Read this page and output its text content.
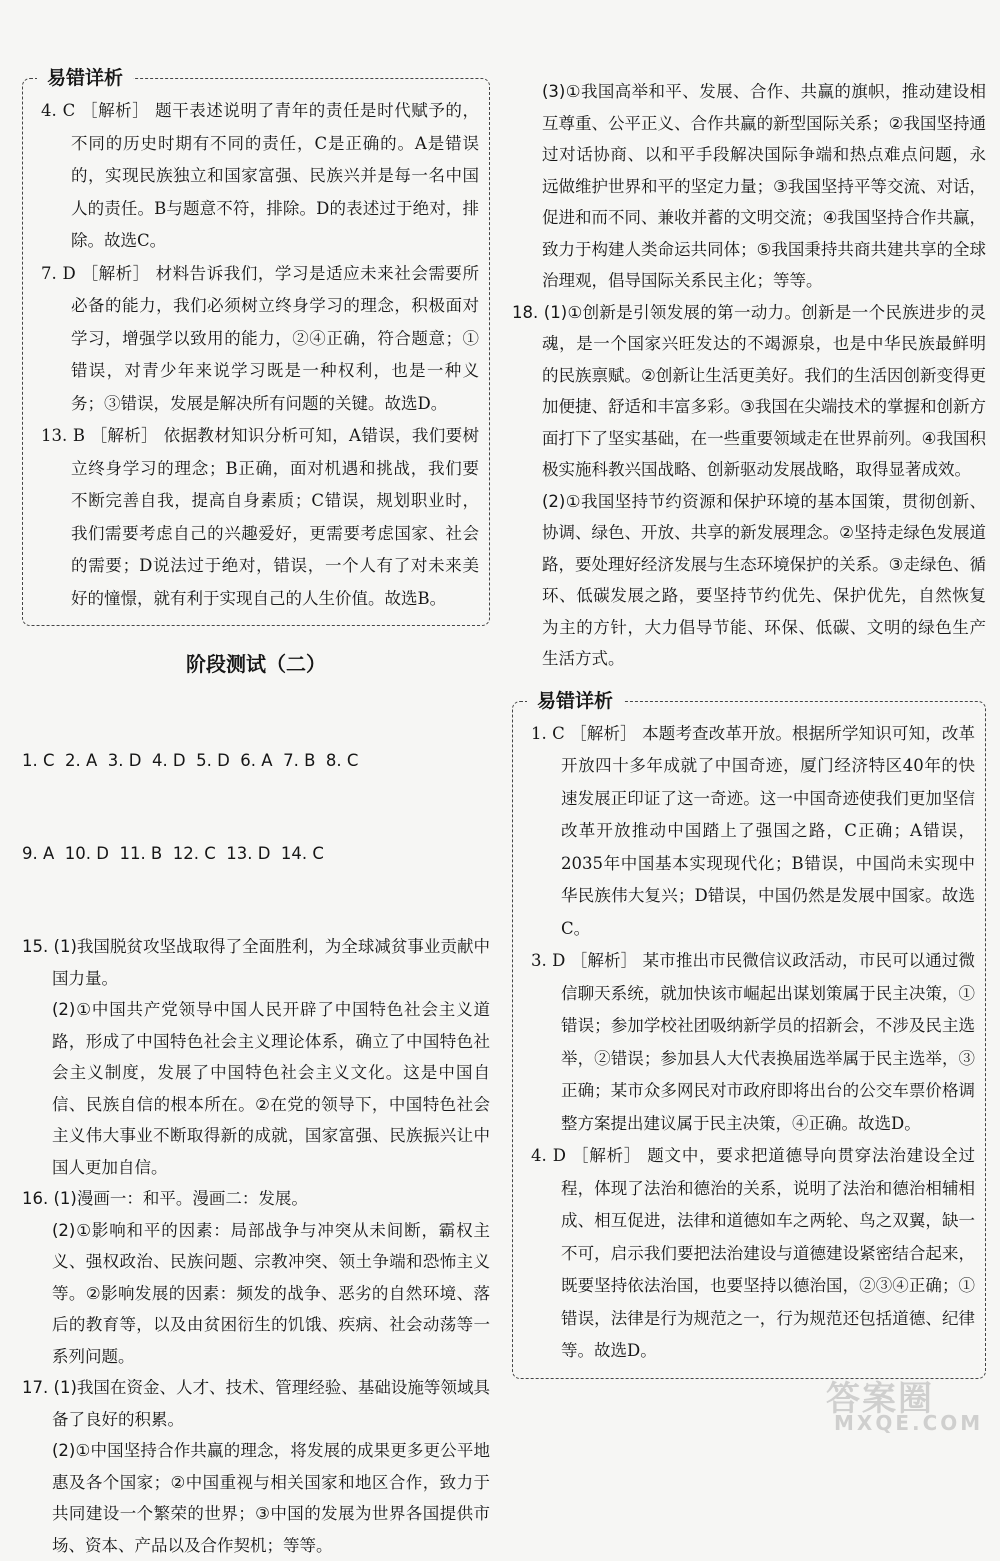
易错详析

4. C ［解析］ 题干表述说明了青年的责任是时代赋予的，不同的历史时期有不同的责任，C是正确的。A是错误的，实现民族独立和国家富强、民族兴并是每一名中国人的责任。B与题意不符，排除。D的表述过于绝对，排除。故选C。

7. D ［解析］ 材料告诉我们，学习是适应未来社会需要所必备的能力，我们必须树立终身学习的理念，积极面对学习，增强学以致用的能力，②④正确，符合题意；①错误，对青少年来说学习既是一种权利，也是一种义务；③错误，发展是解决所有问题的关键。故选D。

13. B ［解析］ 依据教材知识分析可知，A错误，我们要树立终身学习的理念；B正确，面对机遇和挑战，我们要不断完善自我，提高自身素质；C错误，规划职业时，我们需要考虑自己的兴趣爱好，更需要考虑国家、社会的需要；D说法过于绝对，错误，一个人有了对未来美好的憧憬，就有利于实现自己的人生价值。故选B。

阶段测试（二）

1. C  2. A  3. D  4. D  5. D  6. A  7. B  8. C

9. A  10. D  11. B  12. C  13. D  14. C

15. (1)我国脱贫攻坚战取得了全面胜利，为全球减贫事业贡献中国力量。

(2)①中国共产党领导中国人民开辟了中国特色社会主义道路，形成了中国特色社会主义理论体系，确立了中国特色社会主义制度，发展了中国特色社会主义文化。这是中国自信、民族自信的根本所在。②在党的领导下，中国特色社会主义伟大事业不断取得新的成就，国家富强、民族振兴让中国人更加自信。

16. (1)漫画一：和平。漫画二：发展。

(2)①影响和平的因素：局部战争与冲突从未间断，霸权主义、强权政治、民族问题、宗教冲突、领土争端和恐怖主义等。②影响发展的因素：频发的战争、恶劣的自然环境、落后的教育等，以及由贫困衍生的饥饿、疾病、社会动荡等一系列问题。

17. (1)我国在资金、人才、技术、管理经验、基础设施等领域具备了良好的积累。

(2)①中国坚持合作共赢的理念，将发展的成果更多更公平地惠及各个国家；②中国重视与相关国家和地区合作，致力于共同建设一个繁荣的世界；③中国的发展为世界各国提供市场、资本、产品以及合作契机；等等。

(3)①我国高举和平、发展、合作、共赢的旗帜，推动建设相互尊重、公平正义、合作共赢的新型国际关系；②我国坚持通过对话协商、以和平手段解决国际争端和热点难点问题，永远做维护世界和平的坚定力量；③我国坚持平等交流、对话，促进和而不同、兼收并蓄的文明交流；④我国坚持合作共赢，致力于构建人类命运共同体；⑤我国秉持共商共建共享的全球治理观，倡导国际关系民主化；等等。

18. (1)①创新是引领发展的第一动力。创新是一个民族进步的灵魂，是一个国家兴旺发达的不竭源泉，也是中华民族最鲜明的民族禀赋。②创新让生活更美好。我们的生活因创新变得更加便捷、舒适和丰富多彩。③我国在尖端技术的掌握和创新方面打下了坚实基础，在一些重要领域走在世界前列。④我国积极实施科教兴国战略、创新驱动发展战略，取得显著成效。

(2)①我国坚持节约资源和保护环境的基本国策，贯彻创新、协调、绿色、开放、共享的新发展理念。②坚持走绿色发展道路，要处理好经济发展与生态环境保护的关系。③走绿色、循环、低碳发展之路，要坚持节约优先、保护优先，自然恢复为主的方针，大力倡导节能、环保、低碳、文明的绿色生产生活方式。

易错详析

1. C ［解析］ 本题考查改革开放。根据所学知识可知，改革开放四十多年成就了中国奇迹，厦门经济特区40年的快速发展正印证了这一奇迹。这一中国奇迹使我们更加坚信改革开放推动中国踏上了强国之路，C正确；A错误，2035年中国基本实现现代化；B错误，中国尚未实现中华民族伟大复兴；D错误，中国仍然是发展中国家。故选C。

3. D ［解析］ 某市推出市民微信议政活动，市民可以通过微信聊天系统，就加快该市崛起出谋划策属于民主决策，①错误；参加学校社团吸纳新学员的招新会，不涉及民主选举，②错误；参加县人大代表换届选举属于民主选举，③正确；某市众多网民对市政府即将出台的公交车票价格调整方案提出建议属于民主决策，④正确。故选D。

4. D ［解析］ 题文中，要求把道德导向贯穿法治建设全过程，体现了法治和德治的关系，说明了法治和德治相辅相成、相互促进，法律和道德如车之两轮、鸟之双翼，缺一不可，启示我们要把法治建设与道德建设紧密结合起来，既要坚持依法治国，也要坚持以德治国，②③④正确；①错误，法律是行为规范之一，行为规范还包括道德、纪律等。故选D。

答案圈
MXQE.COM
